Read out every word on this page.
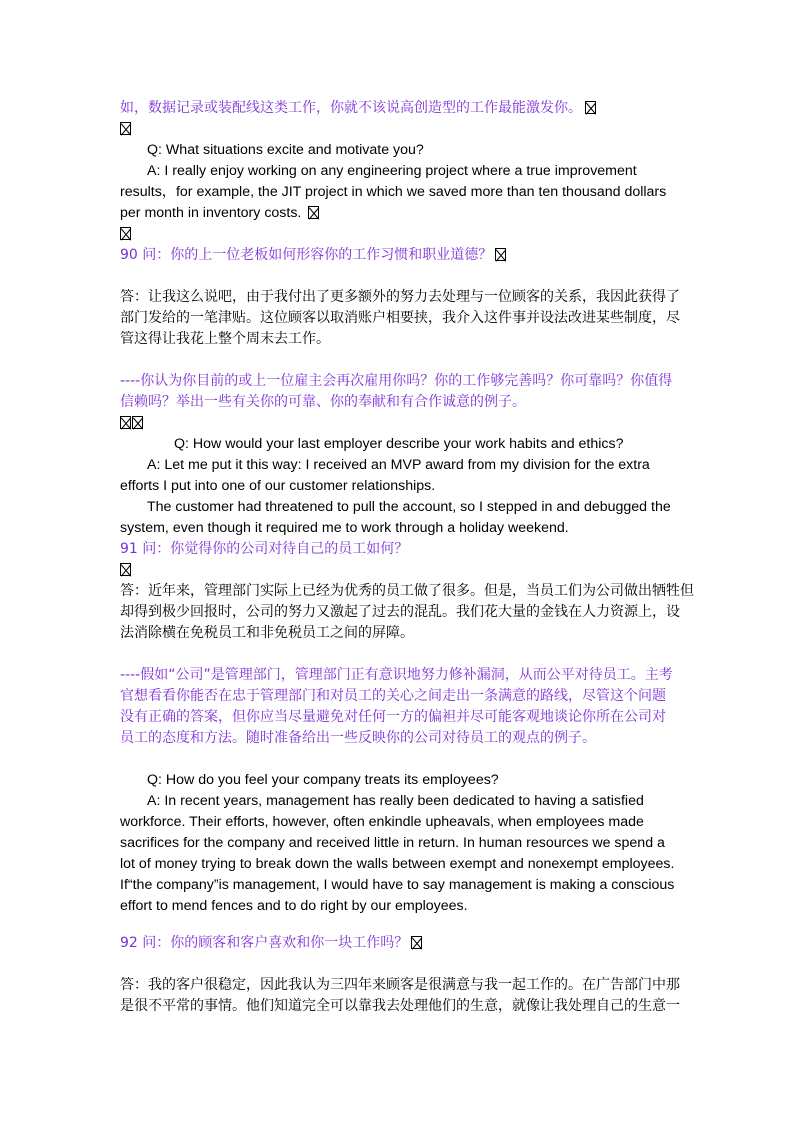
如，数据记录或装配线这类工作，你就不该说高创造型的工作最能激发你。
Q: What situations excite and motivate you?
A: I really enjoy working on any engineering project where a true improvement
results，for example, the JIT project in which we saved more than ten thousand dollars
per month in inventory costs.
90 问：你的上一位老板如何形容你的工作习惯和职业道德？
答：让我这么说吧，由于我付出了更多额外的努力去处理与一位顾客的关系，我因此获得了
部门发给的一笔津贴。这位顾客以取消账户相要挟，我介入这件事并设法改进某些制度，尽
管这得让我花上整个周末去工作。
----你认为你目前的或上一位雇主会再次雇用你吗？你的工作够完善吗？你可靠吗？你值得
信赖吗？举出一些有关你的可靠、你的奉献和有合作诚意的例子。
Q: How would your last employer describe your work habits and ethics?
A: Let me put it this way: I received an MVP award from my division for the extra
efforts I put into one of our customer relationships.
The customer had threatened to pull the account, so I stepped in and debugged the
system, even though it required me to work through a holiday weekend.
91 问：你觉得你的公司对待自己的员工如何？
答：近年来，管理部门实际上已经为优秀的员工做了很多。但是，当员工们为公司做出牺牲但
却得到极少回报时，公司的努力又激起了过去的混乱。我们花大量的金钱在人力资源上，设
法消除横在免税员工和非免税员工之间的屏障。
----假如“公司”是管理部门，管理部门正有意识地努力修补漏洞，从而公平对待员工。主考
官想看看你能否在忠于管理部门和对员工的关心之间走出一条满意的路线，尽管这个问题
没有正确的答案，但你应当尽量避免对任何一方的偏袒并尽可能客观地谈论你所在公司对
员工的态度和方法。随时准备给出一些反映你的公司对待员工的观点的例子。
Q: How do you feel your company treats its employees?
A: In recent years, management has really been dedicated to having a satisfied
workforce. Their efforts, however, often enkindle upheavals, when employees made
sacrifices for the company and received little in return. In human resources we spend a
lot of money trying to break down the walls between exempt and nonexempt employees.
If“the company”is management, I would have to say management is making a conscious
effort to mend fences and to do right by our employees.
92 问：你的顾客和客户喜欢和你一块工作吗？
答：我的客户很稳定，因此我认为三四年来顾客是很满意与我一起工作的。在广告部门中那
是很不平常的事情。他们知道完全可以靠我去处理他们的生意，就像让我处理自己的生意一
